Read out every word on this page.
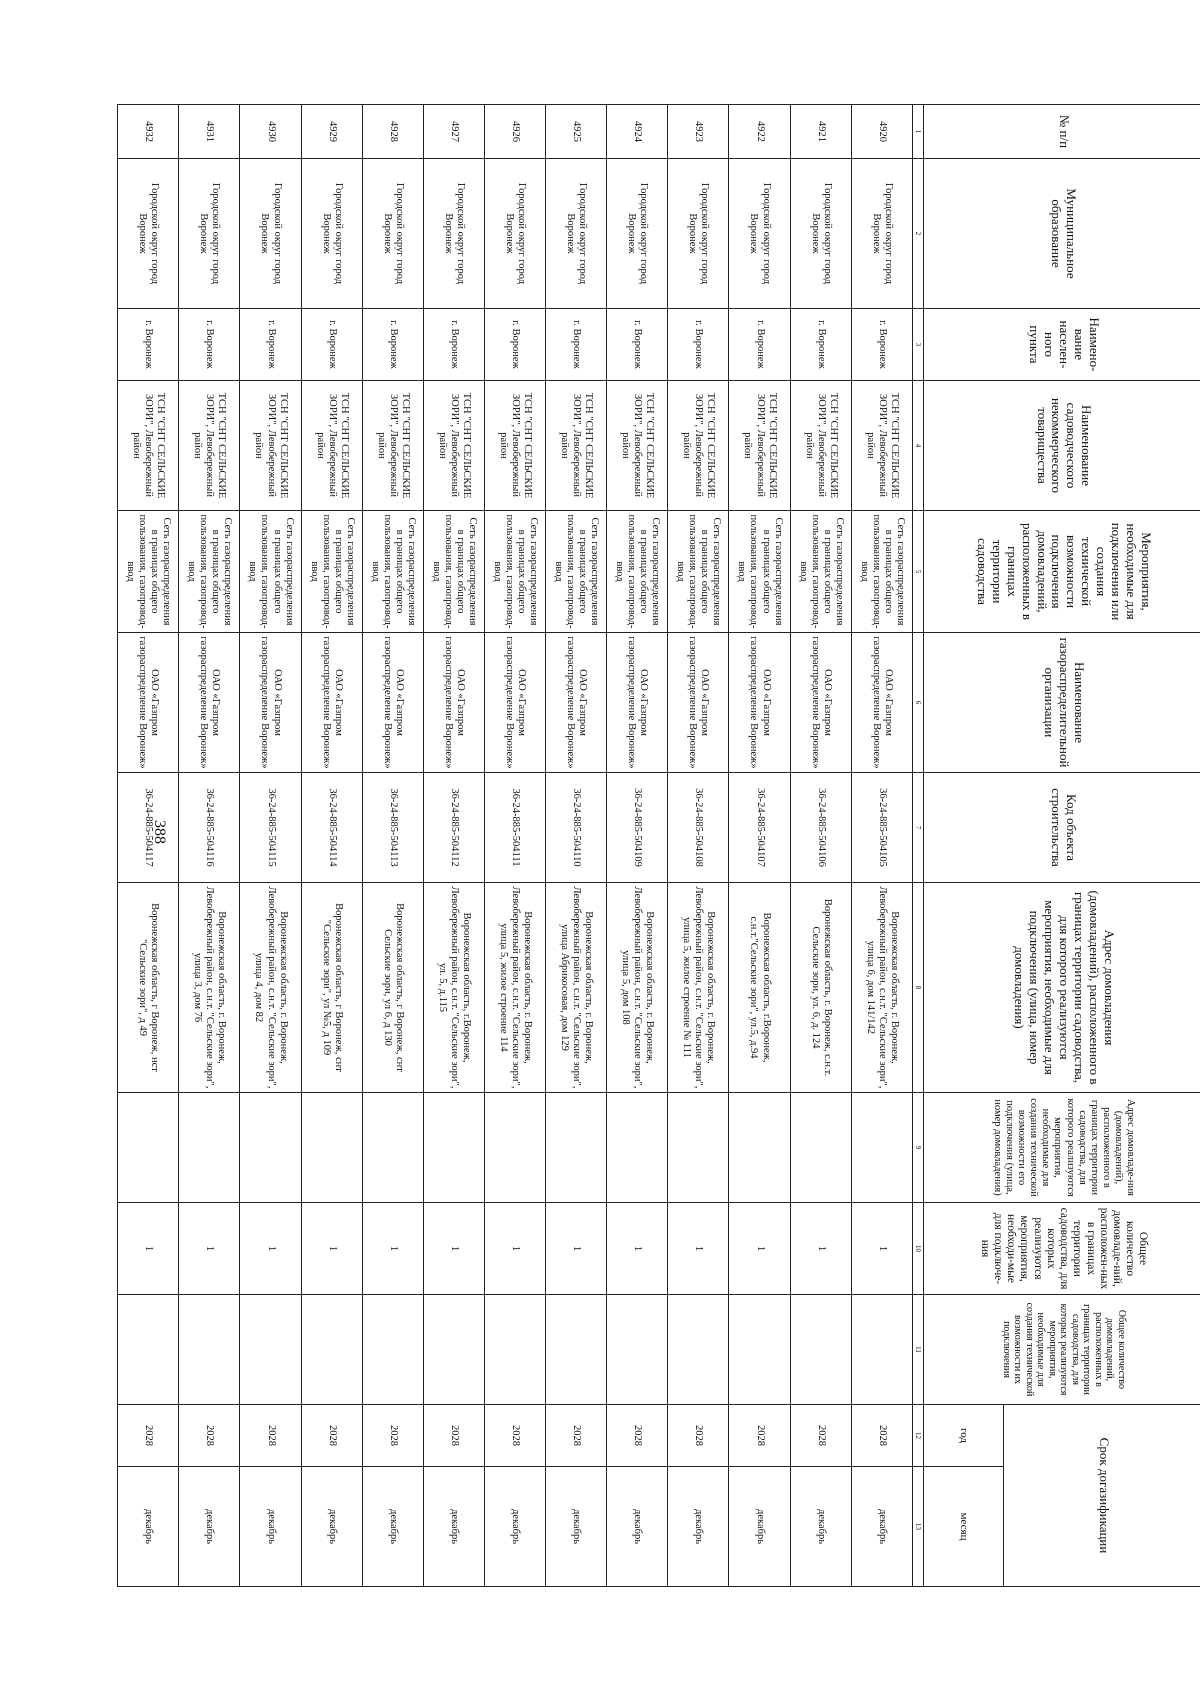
388
№ п/п	Муниципальное образование	Наимено-вание населен-ного пункта	Наименование садоводческого некоммерческого товарищества	Мероприятия, необходимые для подключения или создания технической возможности подключения домовладений, расположенных в границах территории садоводства	Наименование газораспределительной организации	Код объекта строительства	Адрес домовладения (домовладений), расположенного в границах территории садоводства, для которого реализуются мероприятия, необходимые для подключения (улица, номер домовладения)	Адрес домовладе-ния (домовладений), расположенного в границах территории садоводства, для которого реализуются мероприятия, необходимые для создания технической возможности его подключения (улица, номер домовладения)	Общее количество домовладе-ний, расположен-ных в границах территории садоводства, для которых реализуются мероприятия, необходи-мые для подключе-ния	Общее количество домовладений, расположенных в границах территории садоводства, для которых реализуются мероприятия, необходимые для создания технической возможности их подключения	Срок догазификации	
											год	месяц
1	2	3	4	5	6	7	8	9	10	11	12	13
4920	Городской округ город Воронеж	г. Воронеж	ТСН "СНТ СЕЛЬСКИЕ ЗОРИ", Левобережный район	Сеть газораспределения в границах общего пользования, газопровод-ввод	ОАО «Газпром газораспределение Воронеж»	36-24-885-504105	Воронежская область, г. Воронеж, Левобережный район, с.н.т. "Сельские зори", улица 6, дом 141/142		1		2028	декабрь
4921	Городской округ город Воронеж	г. Воронеж	ТСН "СНТ СЕЛЬСКИЕ ЗОРИ", Левобережный район	Сеть газораспределения в границах общего пользования, газопровод-ввод	ОАО «Газпром газораспределение Воронеж»	36-24-885-504106	Воронежская область, г. Воронеж, с.н.т. Сельские зори, ул. 6, д. 124		1		2028	декабрь
4922	Городской округ город Воронеж	г. Воронеж	ТСН "СНТ СЕЛЬСКИЕ ЗОРИ", Левобережный район	Сеть газораспределения в границах общего пользования, газопровод-ввод	ОАО «Газпром газораспределение Воронеж»	36-24-885-504107	Воронежская область, г.Воронеж, с.н.т."Сельские зори", ул.5, д.94		1		2028	декабрь
4923	Городской округ город Воронеж	г. Воронеж	ТСН "СНТ СЕЛЬСКИЕ ЗОРИ", Левобережный район	Сеть газораспределения в границах общего пользования, газопровод-ввод	ОАО «Газпром газораспределение Воронеж»	36-24-885-504108	Воронежская область, г. Воронеж, Левобережный район, с.н.т. "Сельские зори", улица 5, жилое строение № 111		1		2028	декабрь
4924	Городской округ город Воронеж	г. Воронеж	ТСН "СНТ СЕЛЬСКИЕ ЗОРИ", Левобережный район	Сеть газораспределения в границах общего пользования, газопровод-ввод	ОАО «Газпром газораспределение Воронеж»	36-24-885-504109	Воронежская область, г. Воронеж, Левобережный район, с.н.т. "Сельские зори", улица 5, дом 108		1		2028	декабрь
4925	Городской округ город Воронеж	г. Воронеж	ТСН "СНТ СЕЛЬСКИЕ ЗОРИ", Левобережный район	Сеть газораспределения в границах общего пользования, газопровод-ввод	ОАО «Газпром газораспределение Воронеж»	36-24-885-504110	Воронежская область, г. Воронеж, Левобережный район, с.н.т. "Сельские зори", улица Абрикосовая, дом 129		1		2028	декабрь
4926	Городской округ город Воронеж	г. Воронеж	ТСН "СНТ СЕЛЬСКИЕ ЗОРИ", Левобережный район	Сеть газораспределения в границах общего пользования, газопровод-ввод	ОАО «Газпром газораспределение Воронеж»	36-24-885-504111	Воронежская область, г. Воронеж, Левобережный район, с.н.т. "Сельские зори", улица 5, жилое строение 114		1		2028	декабрь
4927	Городской округ город Воронеж	г. Воронеж	ТСН "СНТ СЕЛЬСКИЕ ЗОРИ", Левобережный район	Сеть газораспределения в границах общего пользования, газопровод-ввод	ОАО «Газпром газораспределение Воронеж»	36-24-885-504112	Воронежская область, г.Воронеж, Левобережный район, с.н.т. "Сельские зори", ул. 5, д.115		1		2028	декабрь
4928	Городской округ город Воронеж	г. Воронеж	ТСН "СНТ СЕЛЬСКИЕ ЗОРИ", Левобережный район	Сеть газораспределения в границах общего пользования, газопровод-ввод	ОАО «Газпром газораспределение Воронеж»	36-24-885-504113	Воронежская область, г Воронеж, снт Сельские зори, ул 6, д 130		1		2028	декабрь
4929	Городской округ город Воронеж	г. Воронеж	ТСН "СНТ СЕЛЬСКИЕ ЗОРИ", Левобережный район	Сеть газораспределения в границах общего пользования, газопровод-ввод	ОАО «Газпром газораспределение Воронеж»	36-24-885-504114	Воронежская область, г Воронеж, снт "Сельские зори", ул №5, д 109		1		2028	декабрь
4930	Городской округ город Воронеж	г. Воронеж	ТСН "СНТ СЕЛЬСКИЕ ЗОРИ", Левобережный район	Сеть газораспределения в границах общего пользования, газопровод-ввод	ОАО «Газпром газораспределение Воронеж»	36-24-885-504115	Воронежская область, г. Воронеж, Левобережный район, с.н.т. "Сельские зори", улица 4, дом 82		1		2028	декабрь
4931	Городской округ город Воронеж	г. Воронеж	ТСН "СНТ СЕЛЬСКИЕ ЗОРИ", Левобережный район	Сеть газораспределения в границах общего пользования, газопровод-ввод	ОАО «Газпром газораспределение Воронеж»	36-24-885-504116	Воронежская область, г. Воронеж, Левобережный район, с.н.т. "Сельские зори", улица 3, дом 76		1		2028	декабрь
4932	Городской округ город Воронеж	г. Воронеж	ТСН "СНТ СЕЛЬСКИЕ ЗОРИ", Левобережный район	Сеть газораспределения в границах общего пользования, газопровод-ввод	ОАО «Газпром газораспределение Воронеж»	36-24-885-504117	Воронежская область, г Воронеж, нст "Сельские зори", д 49		1		2028	декабрь
